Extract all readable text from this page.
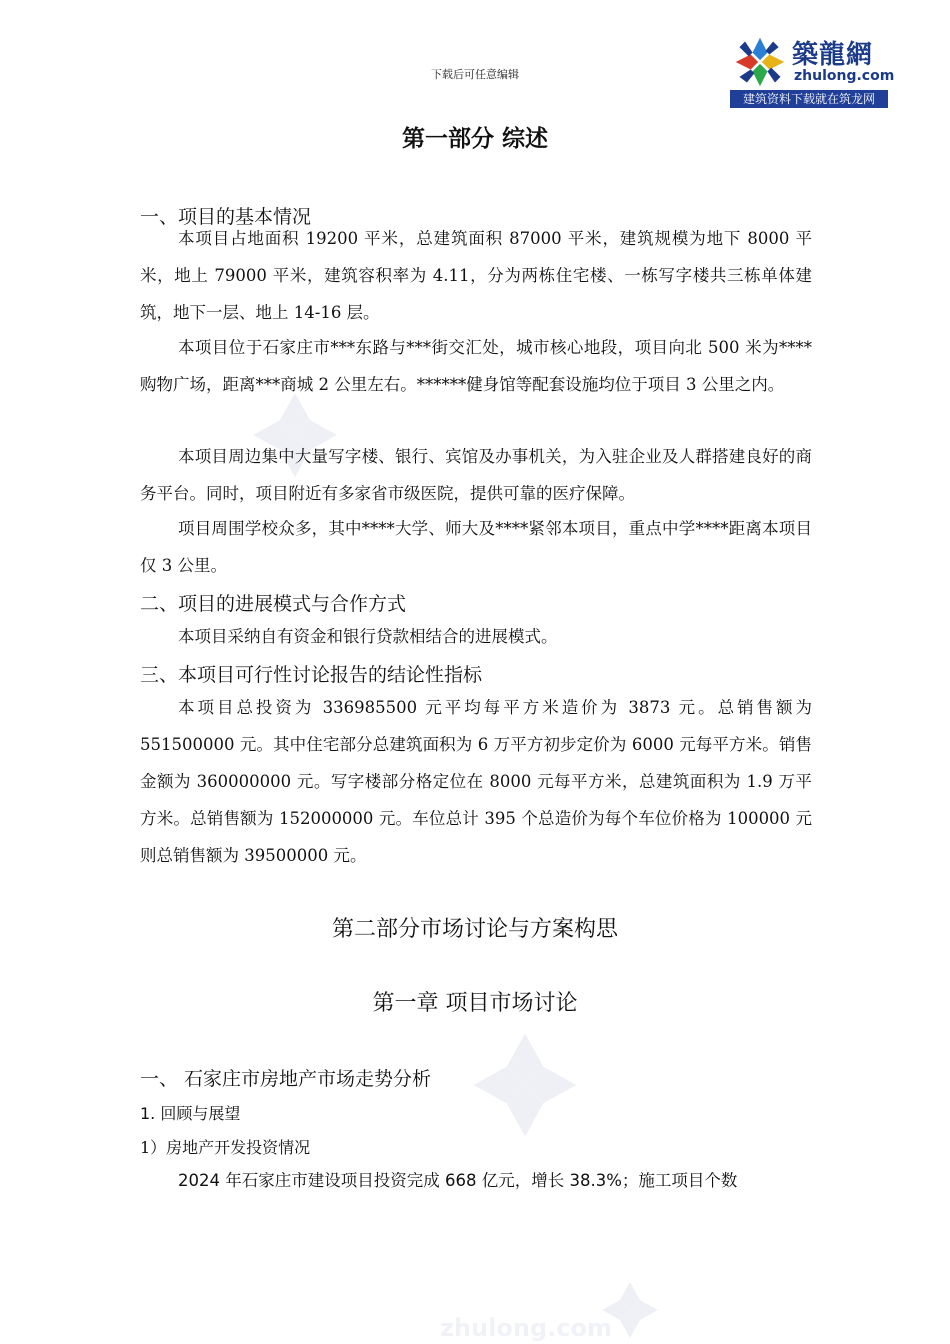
zhulong.com
下载后可任意编辑
築龍網
zhulong.com
建筑资料下载就在筑龙网
第一部分 综述
一、项目的基本情况
本项目占地面积 19200 平米，总建筑面积 87000 平米，建筑规模为地下 8000 平米，地上 79000 平米，建筑容积率为 4.11，分为两栋住宅楼、一栋写字楼共三栋单体建筑，地下一层、地上 14-16 层。
本项目位于石家庄市***东路与***街交汇处，城市核心地段，项目向北 500 米为****购物广场，距离***商城 2 公里左右。******健身馆等配套设施均位于项目 3 公里之内。
本项目周边集中大量写字楼、银行、宾馆及办事机关，为入驻企业及人群搭建良好的商务平台。同时，项目附近有多家省市级医院，提供可靠的医疗保障。
项目周围学校众多，其中****大学、师大及****紧邻本项目，重点中学****距离本项目仅 3 公里。
二、项目的进展模式与合作方式
本项目采纳自有资金和银行贷款相结合的进展模式。
三、本项目可行性讨论报告的结论性指标
本项目总投资为 336985500 元平均每平方米造价为 3873 元。总销售额为 551500000 元。其中住宅部分总建筑面积为 6 万平方初步定价为 6000 元每平方米。销售金额为 360000000 元。写字楼部分格定位在 8000 元每平方米，总建筑面积为 1.9 万平方米。总销售额为 152000000 元。车位总计 395 个总造价为每个车位价格为 100000 元则总销售额为 39500000 元。
第二部分市场讨论与方案构思
第一章 项目市场讨论
一、 石家庄市房地产市场走势分析
1. 回顾与展望
1）房地产开发投资情况
2024 年石家庄市建设项目投资完成 668 亿元，增长 38.3%；施工项目个数
